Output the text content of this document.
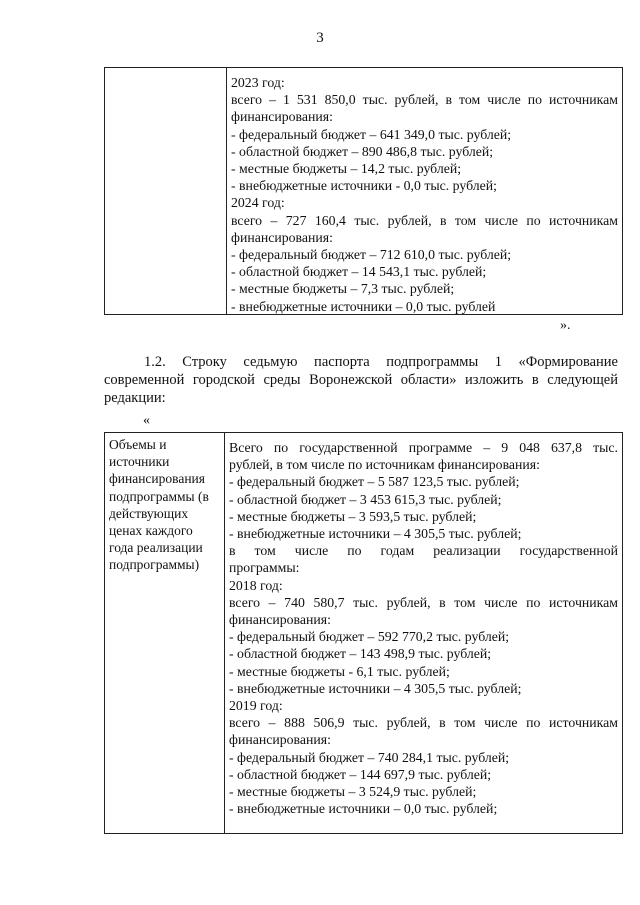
3
2023 год:
всего – 1 531 850,0 тыс. рублей, в том числе по источникам
финансирования:
- федеральный бюджет – 641 349,0 тыс. рублей;
- областной бюджет – 890 486,8 тыс. рублей;
- местные бюджеты – 14,2 тыс. рублей;
- внебюджетные источники - 0,0 тыс. рублей;
2024 год:
всего – 727 160,4 тыс. рублей, в том числе по источникам
финансирования:
- федеральный бюджет – 712 610,0 тыс. рублей;
- областной бюджет – 14 543,1 тыс. рублей;
- местные бюджеты – 7,3 тыс. рублей;
- внебюджетные источники – 0,0 тыс. рублей
».
1.2. Строку седьмую паспорта подпрограммы 1 «Формирование
современной городской среды Воронежской области» изложить в следующей
редакции:
«
Объемы и
источники
финансирования
подпрограммы (в
действующих
ценах каждого
года реализации
подпрограммы)
Всего по государственной программе – 9 048 637,8 тыс.
рублей, в том числе по источникам финансирования:
- федеральный бюджет – 5 587 123,5 тыс. рублей;
- областной бюджет – 3 453 615,3 тыс. рублей;
- местные бюджеты – 3 593,5 тыс. рублей;
- внебюджетные источники – 4 305,5 тыс. рублей;
в том числе по годам реализации государственной
программы:
2018 год:
всего – 740 580,7 тыс. рублей, в том числе по источникам
финансирования:
- федеральный бюджет – 592 770,2 тыс. рублей;
- областной бюджет – 143 498,9 тыс. рублей;
- местные бюджеты - 6,1 тыс. рублей;
- внебюджетные источники – 4 305,5 тыс. рублей;
2019 год:
всего – 888 506,9 тыс. рублей, в том числе по источникам
финансирования:
- федеральный бюджет – 740 284,1 тыс. рублей;
- областной бюджет – 144 697,9 тыс. рублей;
- местные бюджеты – 3 524,9 тыс. рублей;
- внебюджетные источники – 0,0 тыс. рублей;
